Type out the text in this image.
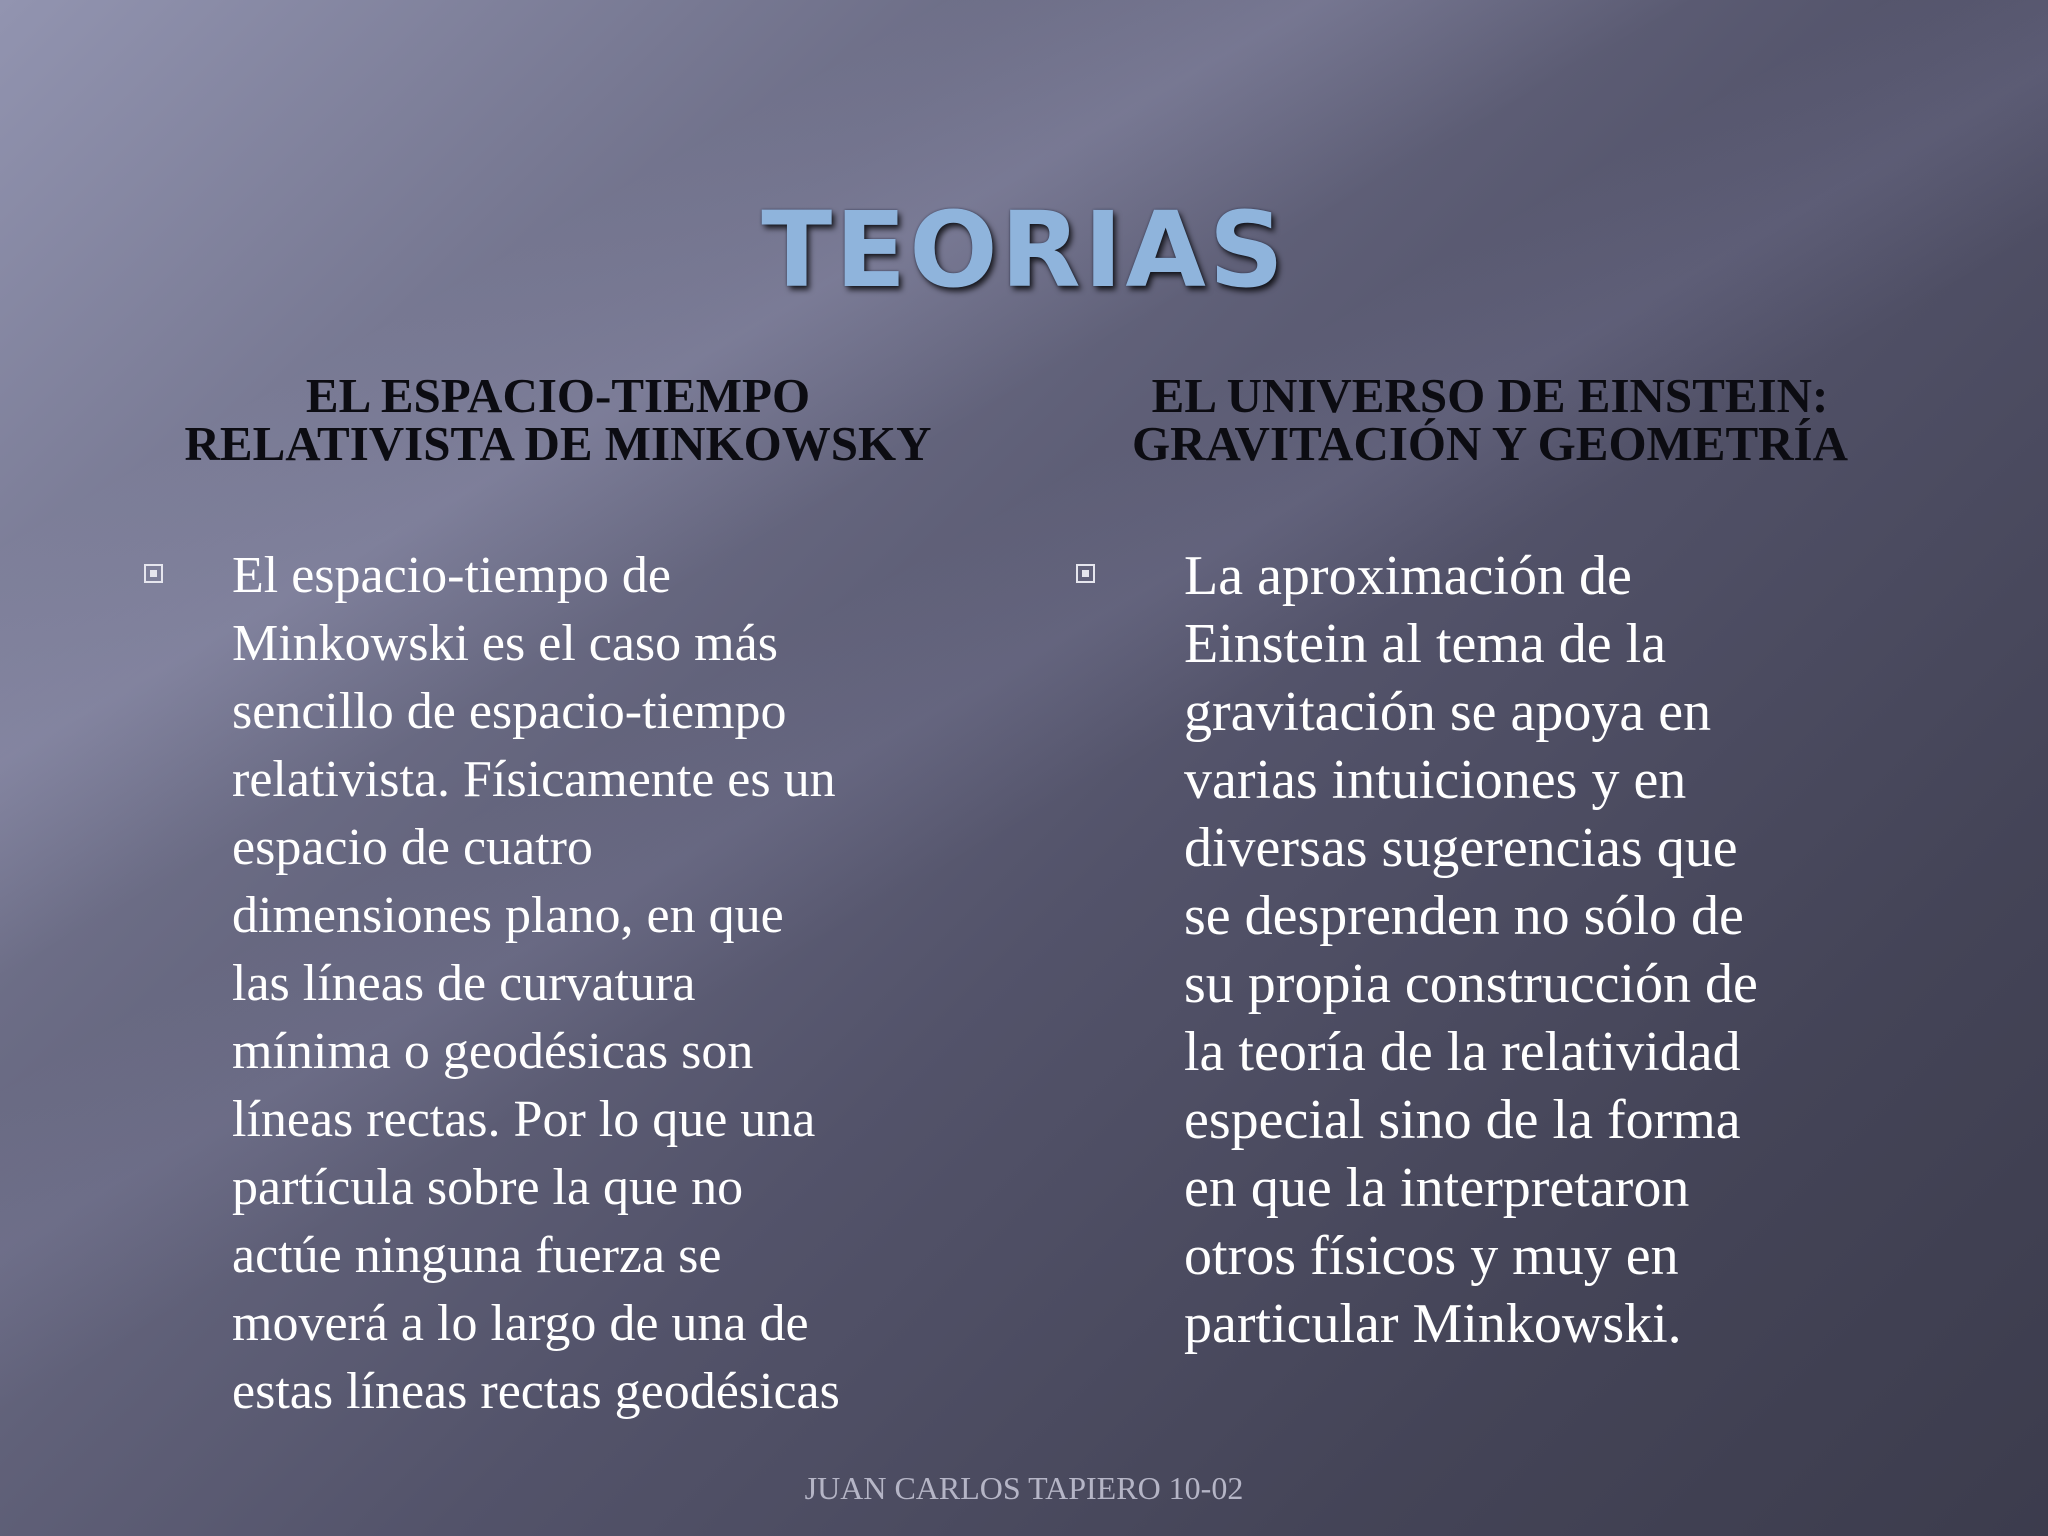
TEORIAS
EL ESPACIO-TIEMPO
RELATIVISTA DE MINKOWSKY

El espacio-tiempo de
Minkowski es el caso más
sencillo de espacio-tiempo
relativista. Físicamente es un
espacio de cuatro
dimensiones plano, en que
las líneas de curvatura
mínima o geodésicas son
líneas rectas. Por lo que una
partícula sobre la que no
actúe ninguna fuerza se
moverá a lo largo de una de
estas líneas rectas geodésicas

EL UNIVERSO DE EINSTEIN:
GRAVITACIÓN Y GEOMETRÍA

La aproximación de
Einstein al tema de la
gravitación se apoya en
varias intuiciones y en
diversas sugerencias que
se desprenden no sólo de
su propia construcción de
la teoría de la relatividad
especial sino de la forma
en que la interpretaron
otros físicos y muy en
particular Minkowski.

JUAN CARLOS TAPIERO 10-02
